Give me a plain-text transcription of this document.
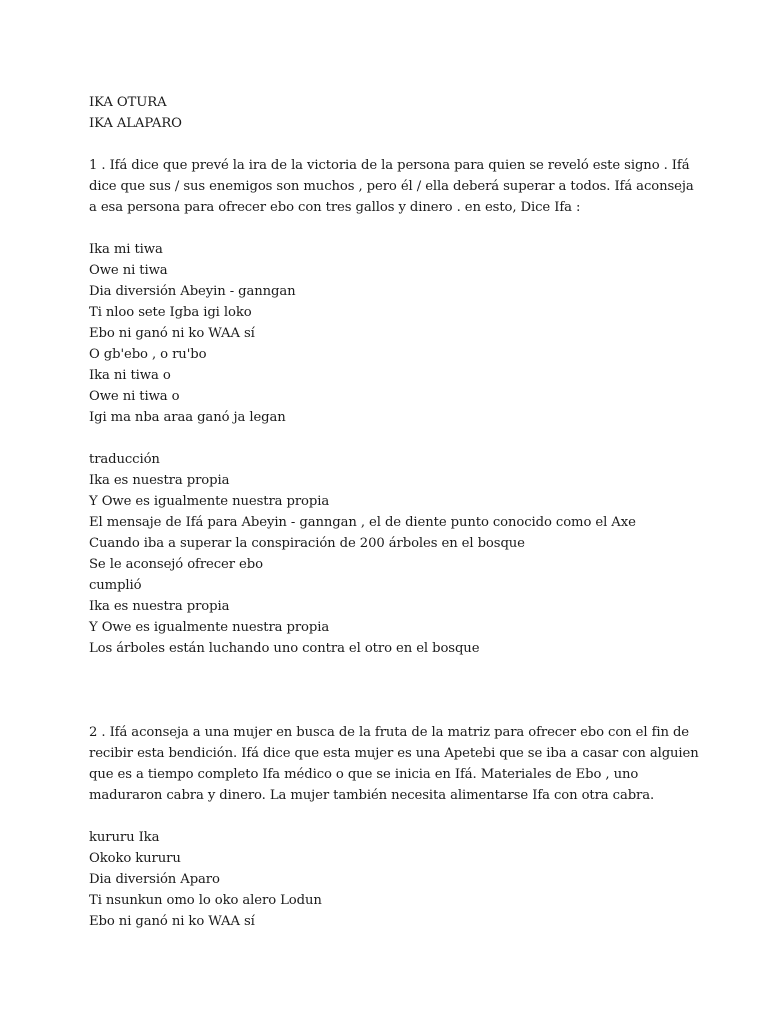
IKA OTURA
IKA ALAPARO
1 . Ifá dice que prevé la ira de la victoria de la persona para quien se reveló este signo . Ifá
dice que sus / sus enemigos son muchos , pero él / ella deberá superar a todos. Ifá aconseja
a esa persona para ofrecer ebo con tres gallos y dinero . en esto, Dice Ifa :
Ika mi tiwa
Owe ni tiwa
Dia diversión Abeyin - ganngan
Ti nloo sete Igba igi loko
Ebo ni ganó ni ko WAA sí
O gb'ebo , o ru'bo
Ika ni tiwa o
Owe ni tiwa o
Igi ma nba araa ganó ja legan
traducción
Ika es nuestra propia
Y Owe es igualmente nuestra propia
El mensaje de Ifá para Abeyin - ganngan , el de diente punto conocido como el Axe
Cuando iba a superar la conspiración de 200 árboles en el bosque
Se le aconsejó ofrecer ebo
cumplió
Ika es nuestra propia
Y Owe es igualmente nuestra propia
Los árboles están luchando uno contra el otro en el bosque
2 . Ifá aconseja a una mujer en busca de la fruta de la matriz para ofrecer ebo con el fin de
recibir esta bendición. Ifá dice que esta mujer es una Apetebi que se iba a casar con alguien
que es a tiempo completo Ifa médico o que se inicia en Ifá. Materiales de Ebo , uno
maduraron cabra y dinero. La mujer también necesita alimentarse Ifa con otra cabra.
kururu Ika
Okoko kururu
Dia diversión Aparo
Ti nsunkun omo lo oko alero Lodun
Ebo ni ganó ni ko WAA sí
